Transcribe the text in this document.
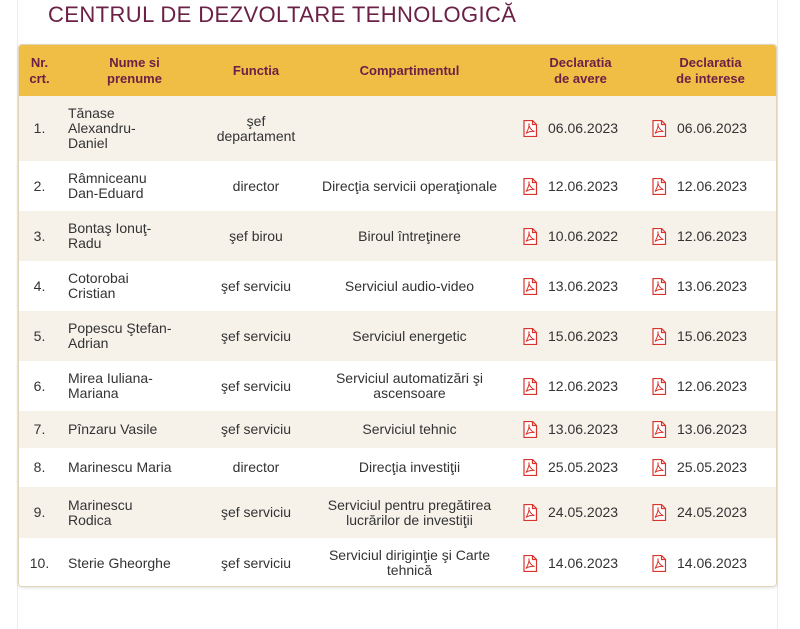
CENTRUL DE DEZVOLTARE TEHNOLOGICĂ
Nr.
crt.	Nume si
prenume	Functia	Compartimentul	Declaratia
de avere	Declaratia
de interese
1.	Tănase
Alexandru-
Daniel	şef
departament		06.06.2023	06.06.2023
2.	Râmniceanu
Dan-Eduard	director	Direcţia servicii operaţionale	12.06.2023	12.06.2023
3.	Bontaş Ionuţ-
Radu	şef birou	Biroul întreţinere	10.06.2022	12.06.2023
4.	Cotorobai
Cristian	şef serviciu	Serviciul audio-video	13.06.2023	13.06.2023
5.	Popescu Ştefan-
Adrian	şef serviciu	Serviciul energetic	15.06.2023	15.06.2023
6.	Mirea Iuliana-
Mariana	şef serviciu	Serviciul automatizări şi
ascensoare	12.06.2023	12.06.2023
7.	Pînzaru Vasile	şef serviciu	Serviciul tehnic	13.06.2023	13.06.2023
8.	Marinescu Maria	director	Direcţia investiţii	25.05.2023	25.05.2023
9.	Marinescu
Rodica	şef serviciu	Serviciul pentru pregătirea
lucrărilor de investiţii	24.05.2023	24.05.2023
10.	Sterie Gheorghe	şef serviciu	Serviciul diriginţie şi Carte
tehnică	14.06.2023	14.06.2023
